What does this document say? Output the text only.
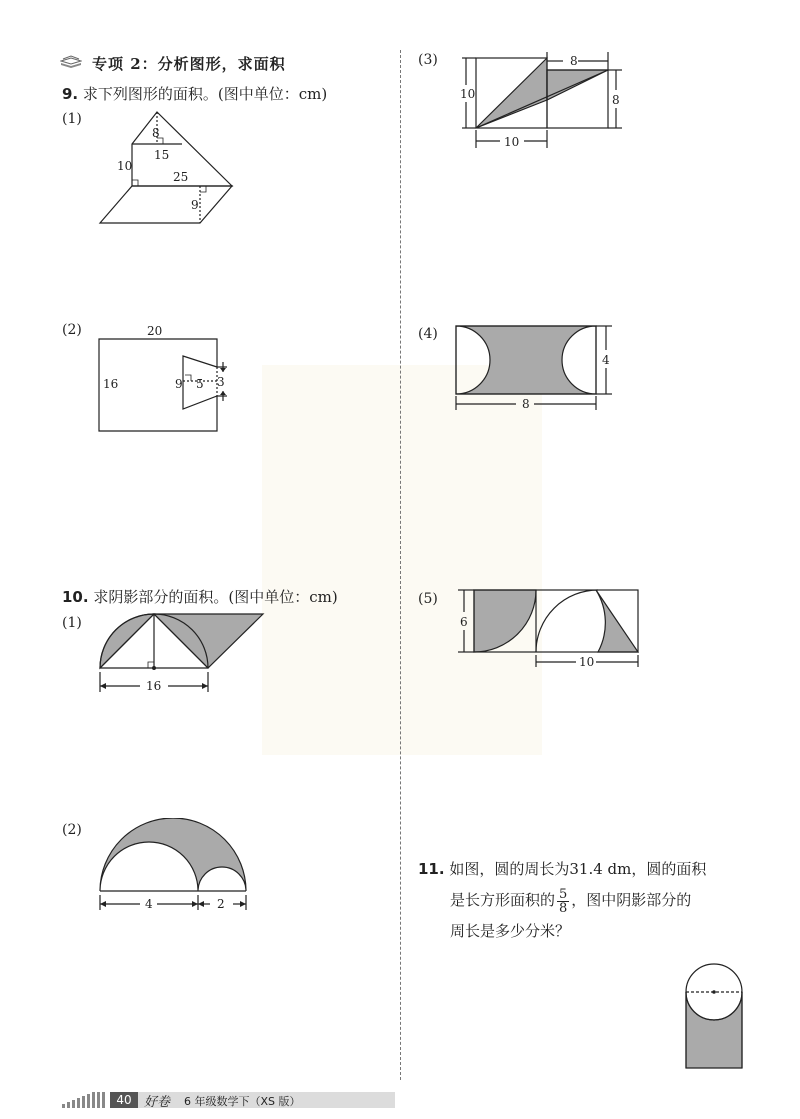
专项 2：分析图形，求面积
9. 求下列图形的面积。(图中单位：cm)
(1)
8
15
10
25
9
(2)	20
16	9 5 3
10. 求阴影部分的面积。(图中单位：cm)
(1)
16
(2)
4	2
(3)
10
8
8
10
(4)
4
8
(5)
6
10
11. 如图，圆的周长为31.4 dm，圆的面积
是长方形面积的 $\frac{5}{8}$ ，图中阴影部分的
周长是多少分米？
40 好卷 6 年级数学下（XS 版）
